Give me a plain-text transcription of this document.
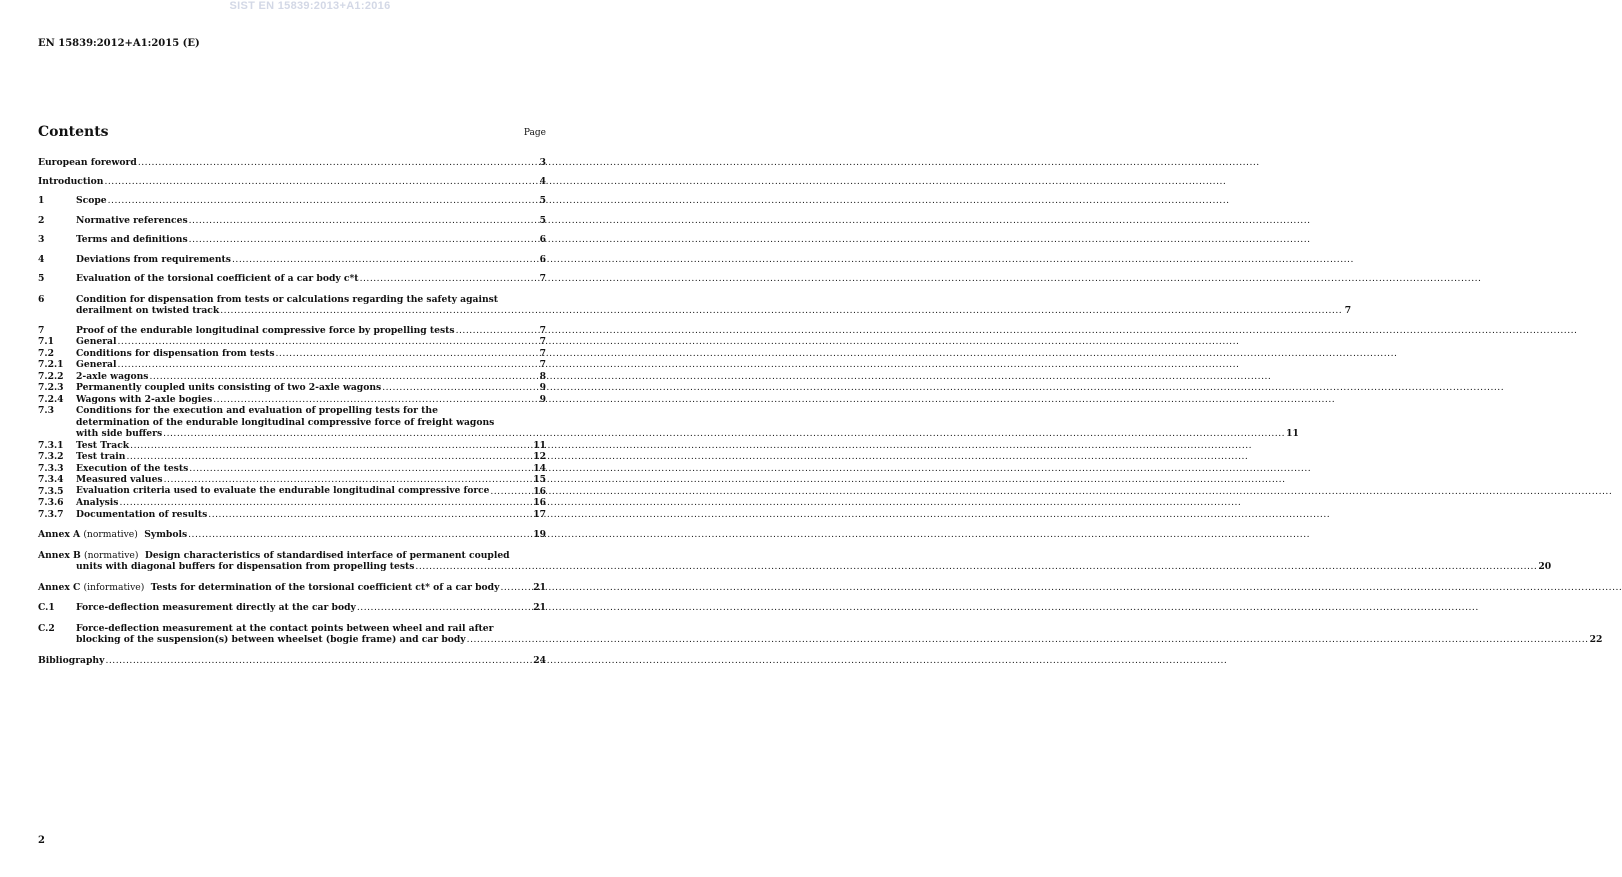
SIST EN 15839:2013+A1:2016
EN 15839:2012+A1:2015 (E)
Contents	Page
European foreword .....	3
Introduction .....	4
1	Scope .....	5
2	Normative references .....	5
3	Terms and definitions .....	6
4	Deviations from requirements .....	6
5	Evaluation of the torsional coefficient of a car body c*t .....	7
6	Condition for dispensation from tests or calculations regarding the safety against
derailment on twisted track .....	7
7	Proof of the endurable longitudinal compressive force by propelling tests .....	7
7.1	General .....	7
7.2	Conditions for dispensation from tests .....	7
7.2.1	General .....	7
7.2.2	2-axle wagons .....	8
7.2.3	Permanently coupled units consisting of two 2-axle wagons .....	9
7.2.4	Wagons with 2-axle bogies .....	9
7.3	Conditions for the execution and evaluation of propelling tests for the
determination of the endurable longitudinal compressive force of freight wagons
with side buffers .....	11
7.3.1	Test Track .....	11
7.3.2	Test train .....	12
7.3.3	Execution of the tests .....	14
7.3.4	Measured values .....	15
7.3.5	Evaluation criteria used to evaluate the endurable longitudinal compressive force .....	16
7.3.6	Analysis .....	16
7.3.7	Documentation of results .....	17
Annex A (normative) Symbols .....	19
Annex B (normative) Design characteristics of standardised interface of permanent coupled
units with diagonal buffers for dispensation from propelling tests .....	20
Annex C (informative) Tests for determination of the torsional coefficient ct* of a car body .....	21
C.1	Force-deflection measurement directly at the car body .....	21
C.2	Force-deflection measurement at the contact points between wheel and rail after
blocking of the suspension(s) between wheelset (bogie frame) and car body .....	22
Bibliography .....	24
2
